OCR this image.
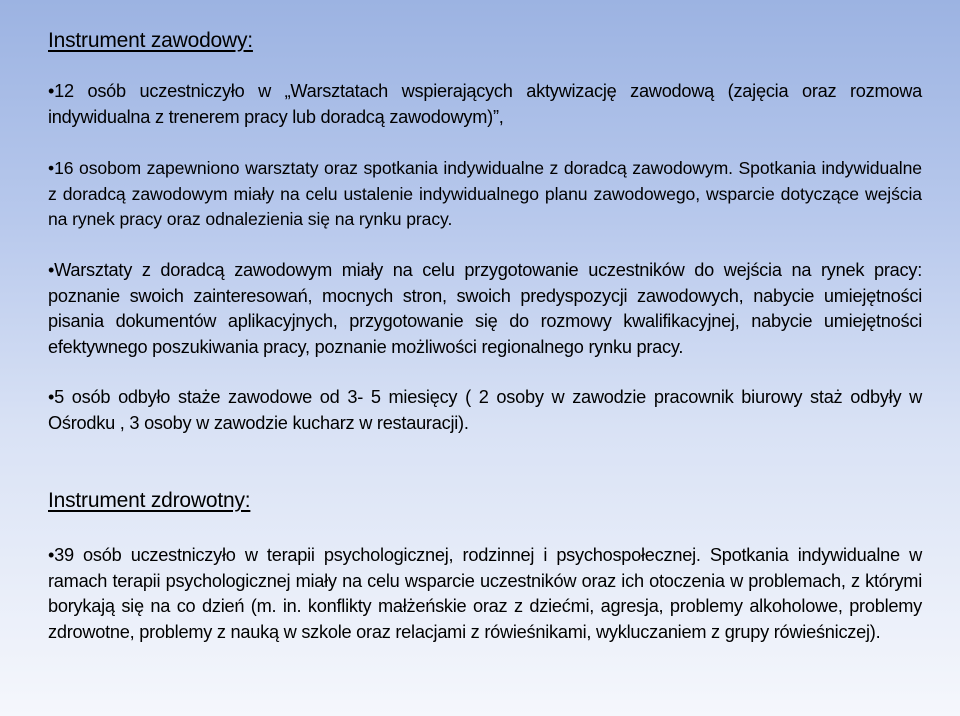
Instrument zawodowy:
•12 osób uczestniczyło w „Warsztatach wspierających aktywizację zawodową (zajęcia oraz rozmowa indywidualna z trenerem pracy lub doradcą zawodowym)”,
•16 osobom zapewniono warsztaty oraz spotkania indywidualne z doradcą zawodowym. Spotkania indywidualne z doradcą zawodowym miały na celu ustalenie indywidualnego planu zawodowego, wsparcie dotyczące wejścia na rynek pracy oraz odnalezienia się na rynku pracy.
•Warsztaty z doradcą zawodowym miały na celu przygotowanie uczestników do wejścia na rynek pracy: poznanie swoich zainteresowań, mocnych stron, swoich predyspozycji zawodowych, nabycie umiejętności pisania dokumentów aplikacyjnych, przygotowanie się do rozmowy kwalifikacyjnej, nabycie umiejętności efektywnego poszukiwania pracy, poznanie możliwości regionalnego rynku pracy.
•5 osób odbyło staże zawodowe od 3- 5 miesięcy ( 2 osoby w zawodzie pracownik biurowy staż odbyły w Ośrodku , 3 osoby w zawodzie kucharz w restauracji).
Instrument zdrowotny:
•39 osób uczestniczyło w terapii psychologicznej, rodzinnej i psychospołecznej. Spotkania indywidualne w ramach terapii psychologicznej miały na celu wsparcie uczestników oraz ich otoczenia w problemach, z którymi borykają się na co dzień (m. in. konflikty małżeńskie oraz z dziećmi, agresja, problemy alkoholowe, problemy zdrowotne, problemy z nauką w szkole oraz relacjami z rówieśnikami, wykluczaniem z grupy rówieśniczej).
